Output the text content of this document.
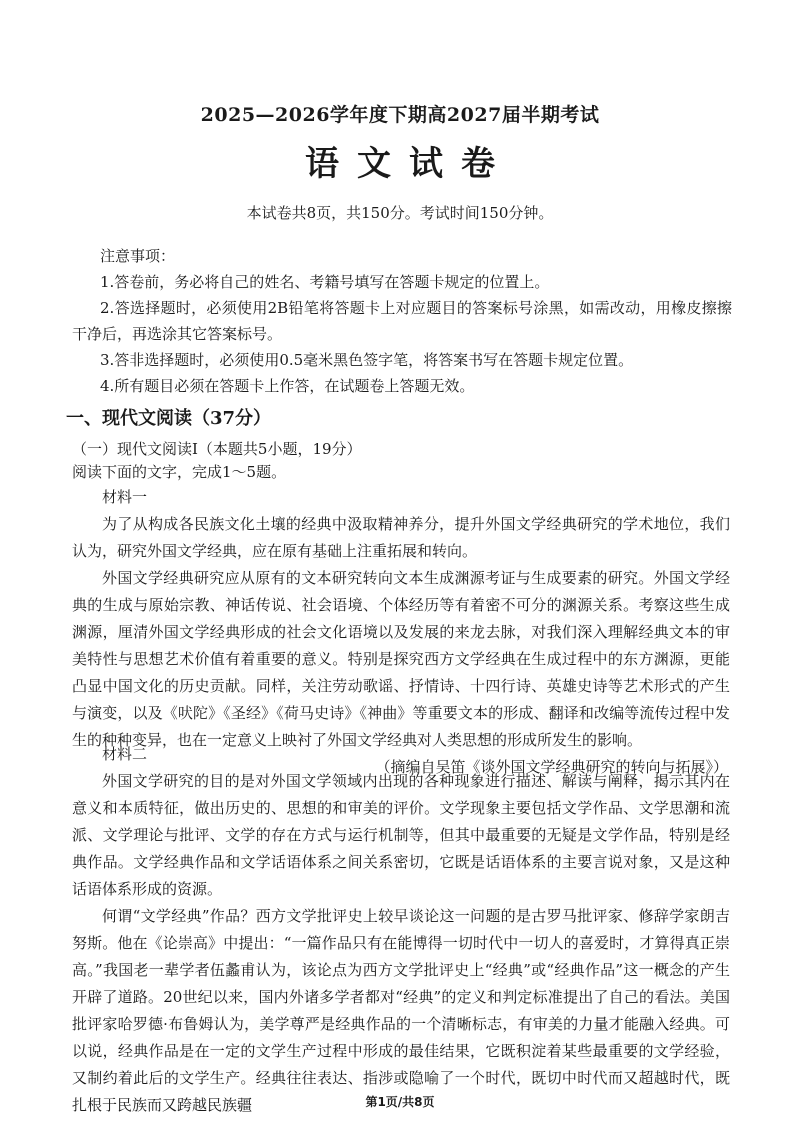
2025—2026学年度下期高2027届半期考试
语文试卷
本试卷共8页，共150分。考试时间150分钟。
注意事项：

1.答卷前，务必将自己的姓名、考籍号填写在答题卡规定的位置上。

2.答选择题时，必须使用2B铅笔将答题卡上对应题目的答案标号涂黑，如需改动，用橡皮擦擦干净后，再选涂其它答案标号。

3.答非选择题时，必须使用0.5毫米黑色签字笔，将答案书写在答题卡规定位置。

4.所有题目必须在答题卡上作答，在试题卷上答题无效。

一、现代文阅读（37分）
（一）现代文阅读Ⅰ（本题共5小题，19分）
阅读下面的文字，完成1～5题。
材料一

为了从构成各民族文化土壤的经典中汲取精神养分，提升外国文学经典研究的学术地位，我们认为，研究外国文学经典，应在原有基础上注重拓展和转向。

外国文学经典研究应从原有的文本研究转向文本生成渊源考证与生成要素的研究。外国文学经典的生成与原始宗教、神话传说、社会语境、个体经历等有着密不可分的渊源关系。考察这些生成渊源，厘清外国文学经典形成的社会文化语境以及发展的来龙去脉，对我们深入理解经典文本的审美特性与思想艺术价值有着重要的意义。特别是探究西方文学经典在生成过程中的东方渊源，更能凸显中国文化的历史贡献。同样，关注劳动歌谣、抒情诗、十四行诗、英雄史诗等艺术形式的产生与演变，以及《吠陀》《圣经》《荷马史诗》《神曲》等重要文本的形成、翻译和改编等流传过程中发生的种种变异，也在一定意义上映衬了外国文学经典对人类思想的形成所发生的影响。

（摘编自吴笛《谈外国文学经典研究的转向与拓展》）

材料二

外国文学研究的目的是对外国文学领域内出现的各种现象进行描述、解读与阐释，揭示其内在意义和本质特征，做出历史的、思想的和审美的评价。文学现象主要包括文学作品、文学思潮和流派、文学理论与批评、文学的存在方式与运行机制等，但其中最重要的无疑是文学作品，特别是经典作品。文学经典作品和文学话语体系之间关系密切，它既是话语体系的主要言说对象，又是这种话语体系形成的资源。

何谓“文学经典”作品？西方文学批评史上较早谈论这一问题的是古罗马批评家、修辞学家朗吉努斯。他在《论崇高》中提出：“一篇作品只有在能博得一切时代中一切人的喜爱时，才算得真正崇高。”我国老一辈学者伍蠡甫认为，该论点为西方文学批评史上“经典”或“经典作品”这一概念的产生开辟了道路。20世纪以来，国内外诸多学者都对“经典”的定义和判定标准提出了自己的看法。美国批评家哈罗德·布鲁姆认为，美学尊严是经典作品的一个清晰标志，有审美的力量才能融入经典。可以说，经典作品是在一定的文学生产过程中形成的最佳结果，它既积淀着某些最重要的文学经验，又制约着此后的文学生产。经典往往表达、指涉或隐喻了一个时代，既切中时代而又超越时代，既扎根于民族而又跨越民族疆	第1页/共8页
